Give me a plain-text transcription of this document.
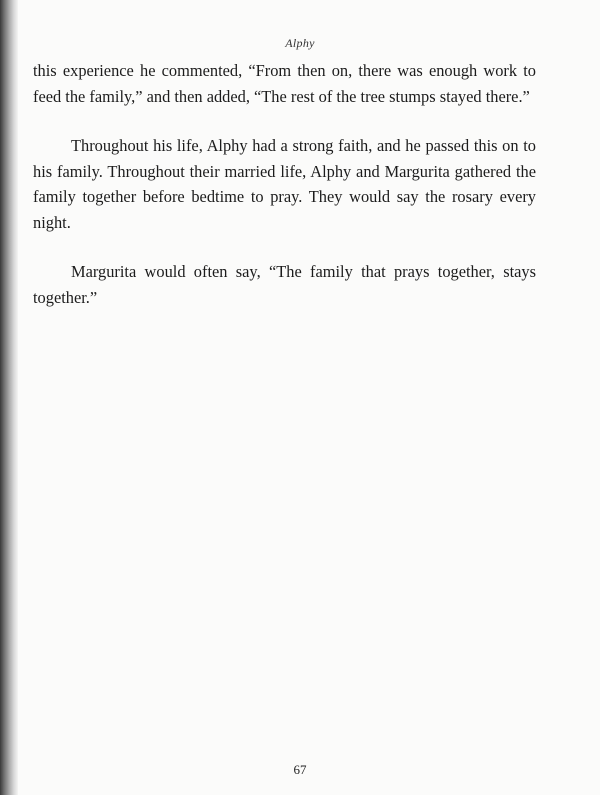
Alphy

this experience he commented, “From then on, there was enough work to feed the family,” and then added, “The rest of the tree stumps stayed there.”

Throughout his life, Alphy had a strong faith, and he passed this on to his family. Throughout their married life, Alphy and Margurita gathered the family together before bedtime to pray. They would say the rosary every night.

Margurita would often say, “The family that prays together, stays together.”

67
